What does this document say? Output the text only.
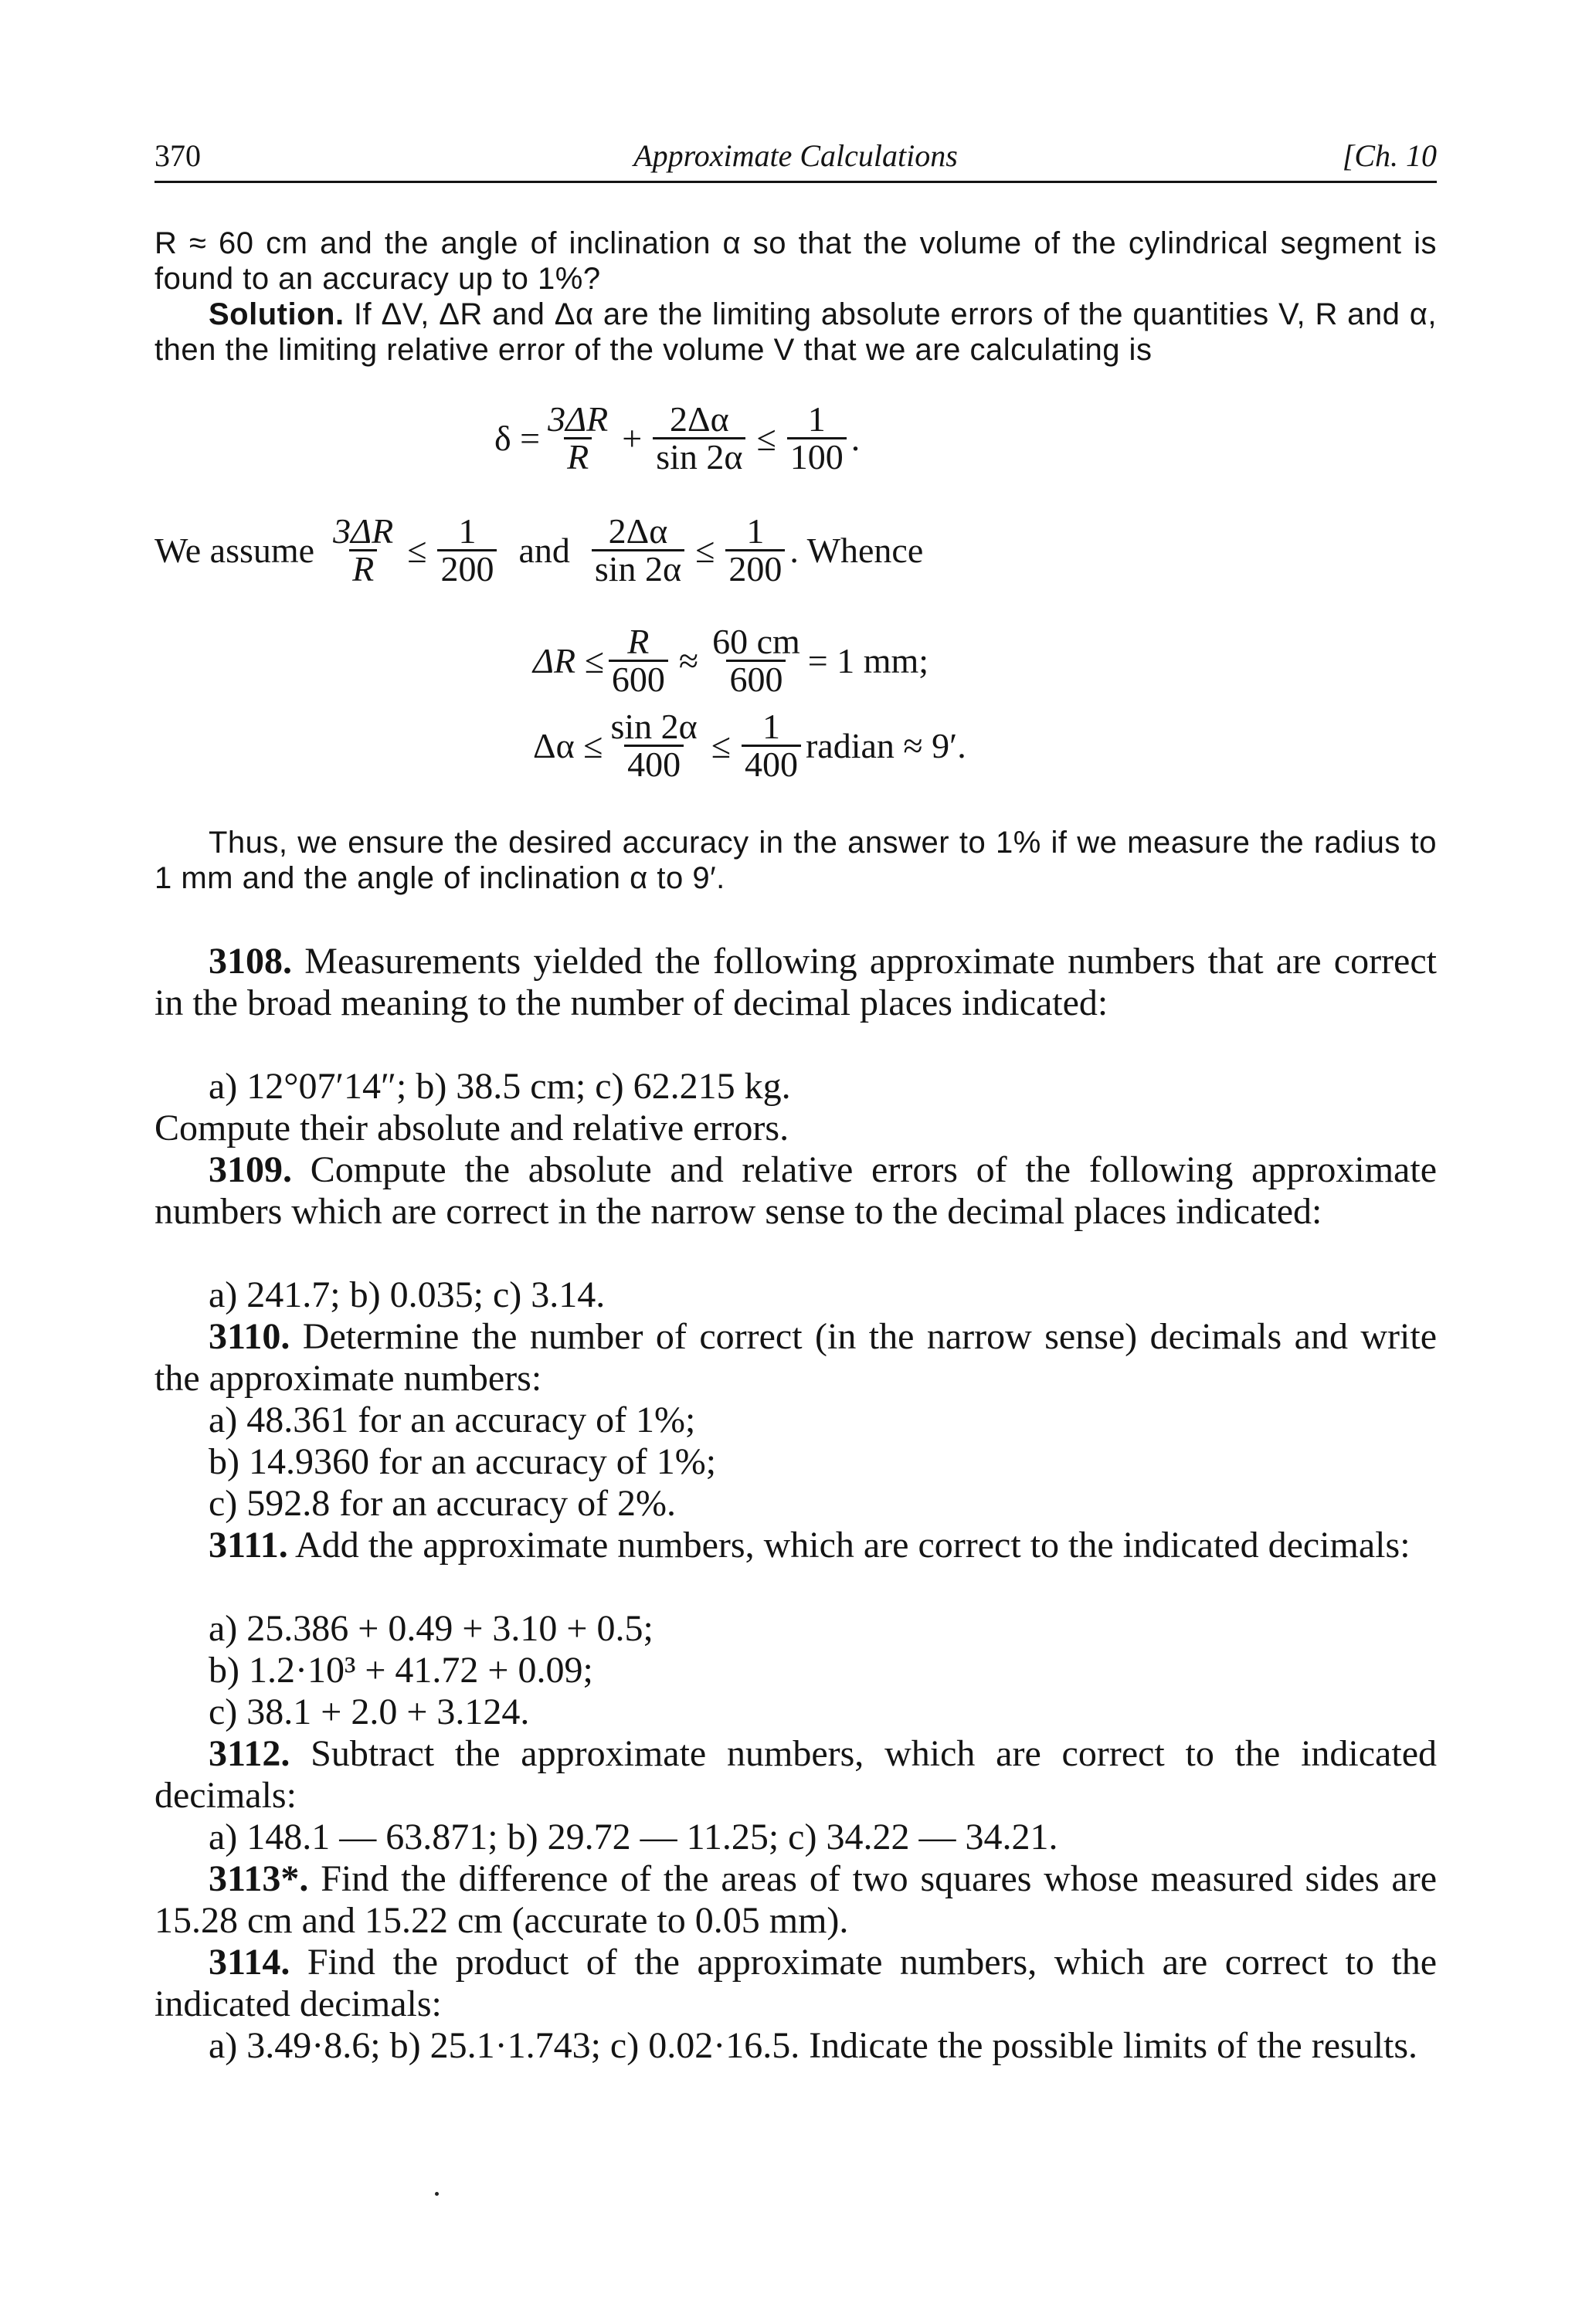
370	Approximate Calculations	[Ch. 10

R ≈ 60 cm and the angle of inclination α so that the volume of the cylindrical segment is found to an accuracy up to 1%?

Solution. If ΔV, ΔR and Δα are the limiting absolute errors of the quantities V, R and α, then the limiting relative error of the volume V that we are calculating is

$\delta = \frac{3\Delta R}{R} + \frac{2\Delta\alpha}{\sin 2\alpha} \le \frac{1}{100}$ .
We assume $\frac{3\Delta R}{R} \le \frac{1}{200}$ and $\frac{2\Delta\alpha}{\sin 2\alpha} \le \frac{1}{200}$ . Whence
$\Delta R \le \frac{R}{600} \approx \frac{60 cm}{600} = 1$ mm;
$\Delta\alpha \le \frac{\sin 2\alpha}{400} \le \frac{1}{400}$ radian ≈ 9′.

Thus, we ensure the desired accuracy in the answer to 1% if we measure the radius to 1 mm and the angle of inclination α to 9′.

3108. Measurements yielded the following approximate numbers that are correct in the broad meaning to the number of decimal places indicated:

a) 12°07′14″; b) 38.5 cm; c) 62.215 kg.

Compute their absolute and relative errors.

3109. Compute the absolute and relative errors of the following approximate numbers which are correct in the narrow sense to the decimal places indicated:

a) 241.7; b) 0.035; c) 3.14.

3110. Determine the number of correct (in the narrow sense) decimals and write the approximate numbers:

a) 48.361 for an accuracy of 1%;

b) 14.9360 for an accuracy of 1%;

c) 592.8 for an accuracy of 2%.

3111. Add the approximate numbers, which are correct to the indicated decimals:

a) 25.386 + 0.49 + 3.10 + 0.5;

b) 1.2·10³ + 41.72 + 0.09;

c) 38.1 + 2.0 + 3.124.

3112. Subtract the approximate numbers, which are correct to the indicated decimals:

a) 148.1 — 63.871; b) 29.72 — 11.25; c) 34.22 — 34.21.

3113*. Find the difference of the areas of two squares whose measured sides are 15.28 cm and 15.22 cm (accurate to 0.05 mm).

3114. Find the product of the approximate numbers, which are correct to the indicated decimals:

a) 3.49·8.6; b) 25.1·1.743; c) 0.02·16.5. Indicate the possible limits of the results.
